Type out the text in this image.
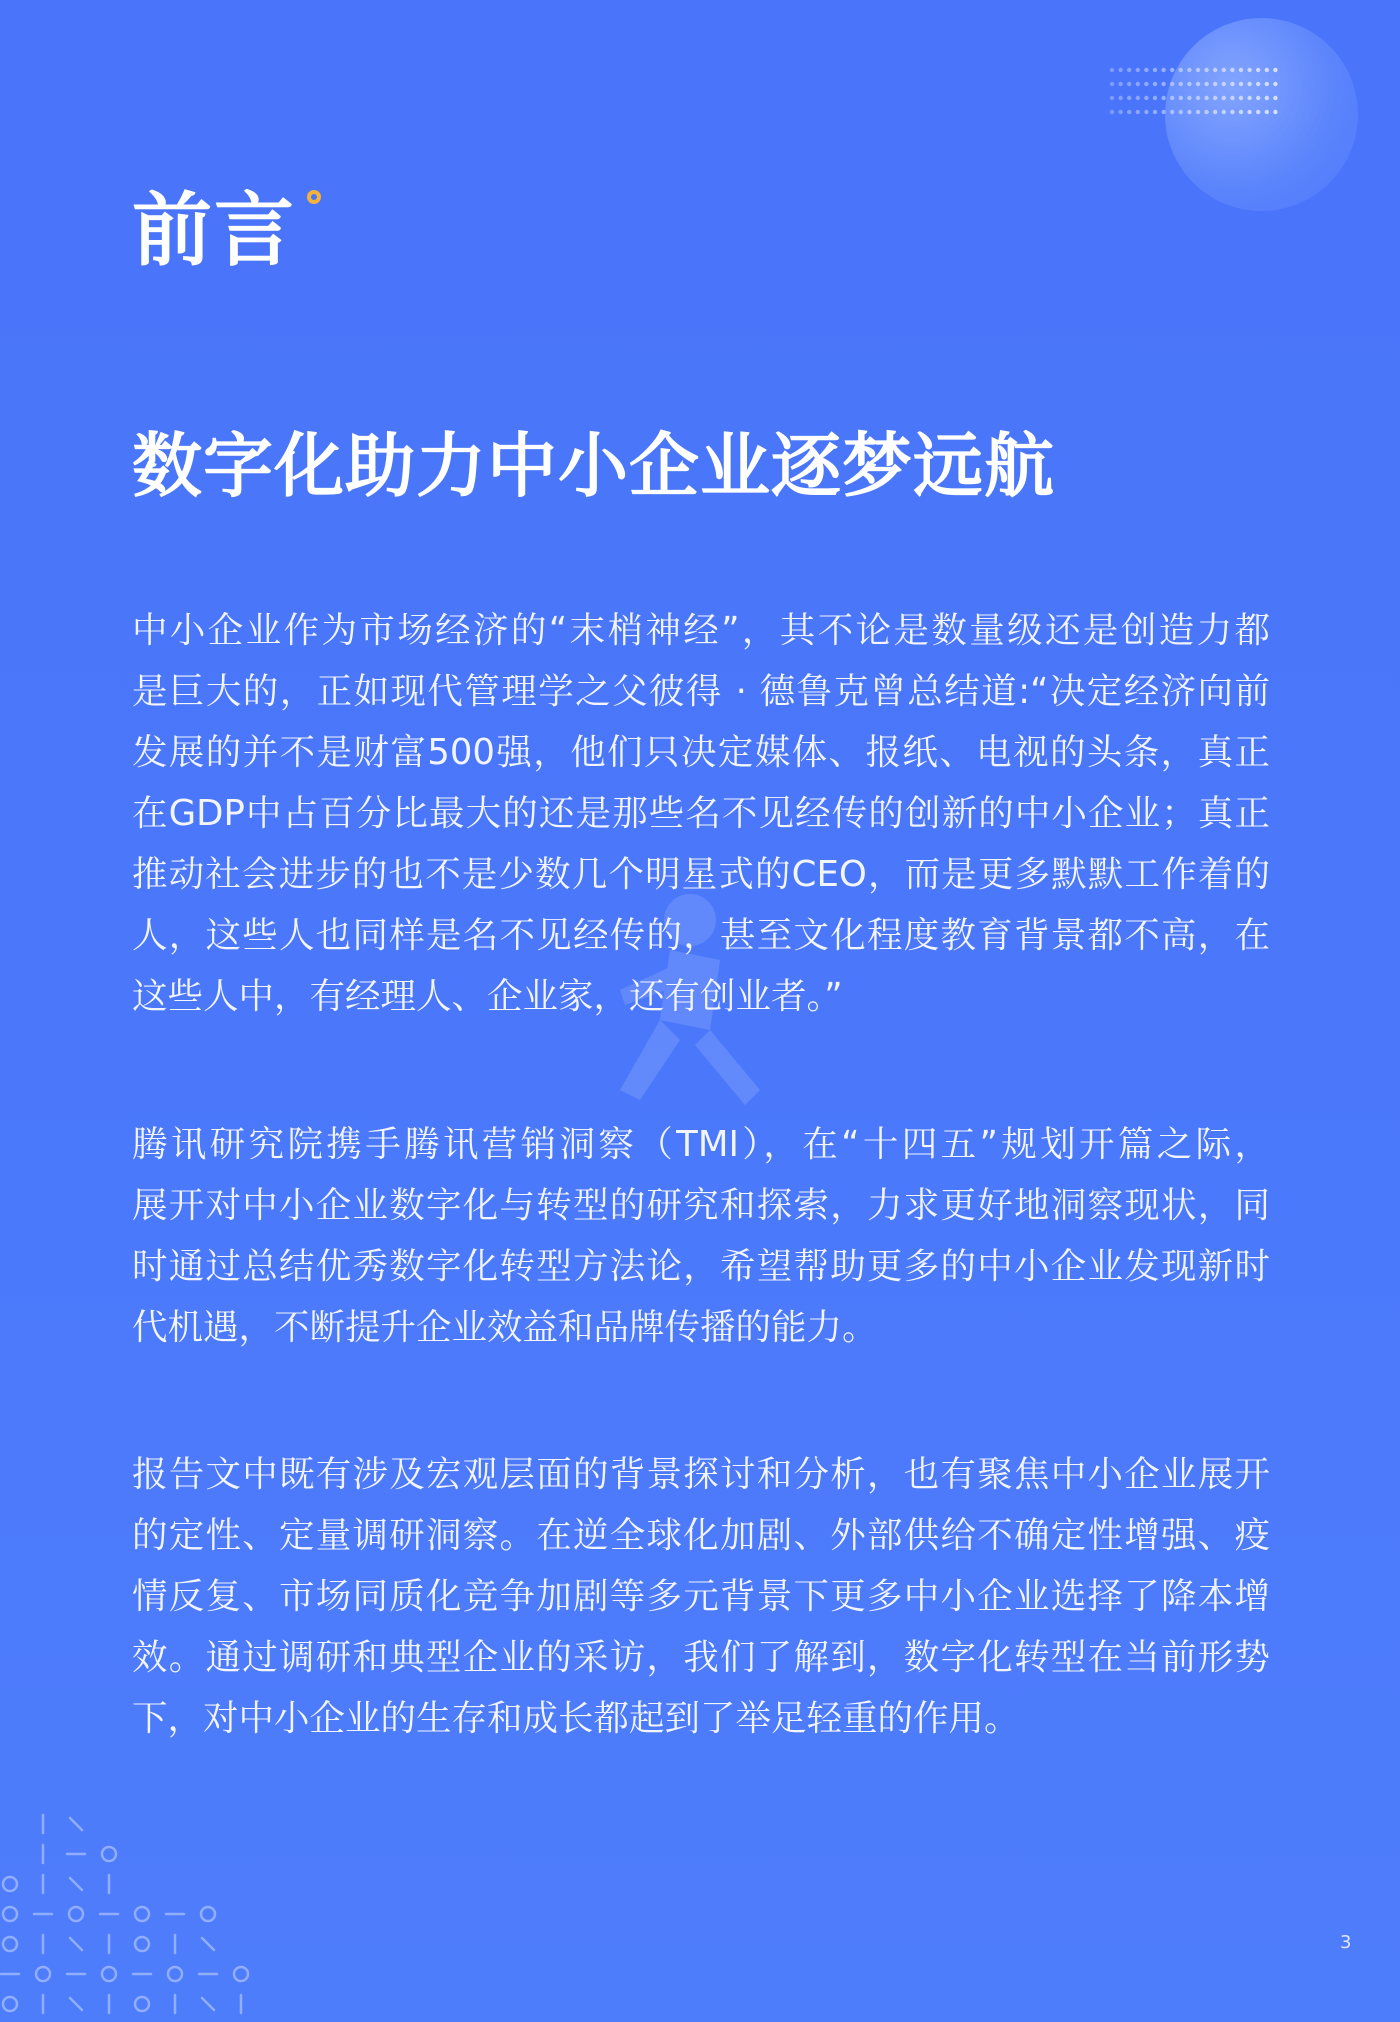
前言
数字化助力中小企业逐梦远航

中小企业作为市场经济的“末梢神经”，其不论是数量级还是创造力都
是巨大的，正如现代管理学之父彼得 · 德鲁克曾总结道:“决定经济向前
发展的并不是财富500强，他们只决定媒体、报纸、电视的头条，真正
在GDP中占百分比最大的还是那些名不见经传的创新的中小企业；真正
推动社会进步的也不是少数几个明星式的CEO，而是更多默默工作着的
人，这些人也同样是名不见经传的，甚至文化程度教育背景都不高，在
这些人中，有经理人、企业家，还有创业者。”

腾讯研究院携手腾讯营销洞察（TMI），在“十四五”规划开篇之际，
展开对中小企业数字化与转型的研究和探索，力求更好地洞察现状，同
时通过总结优秀数字化转型方法论，希望帮助更多的中小企业发现新时
代机遇，不断提升企业效益和品牌传播的能力。

报告文中既有涉及宏观层面的背景探讨和分析，也有聚焦中小企业展开
的定性、定量调研洞察。在逆全球化加剧、外部供给不确定性增强、疫
情反复、市场同质化竞争加剧等多元背景下更多中小企业选择了降本增
效。通过调研和典型企业的采访，我们了解到，数字化转型在当前形势
下，对中小企业的生存和成长都起到了举足轻重的作用。

3
